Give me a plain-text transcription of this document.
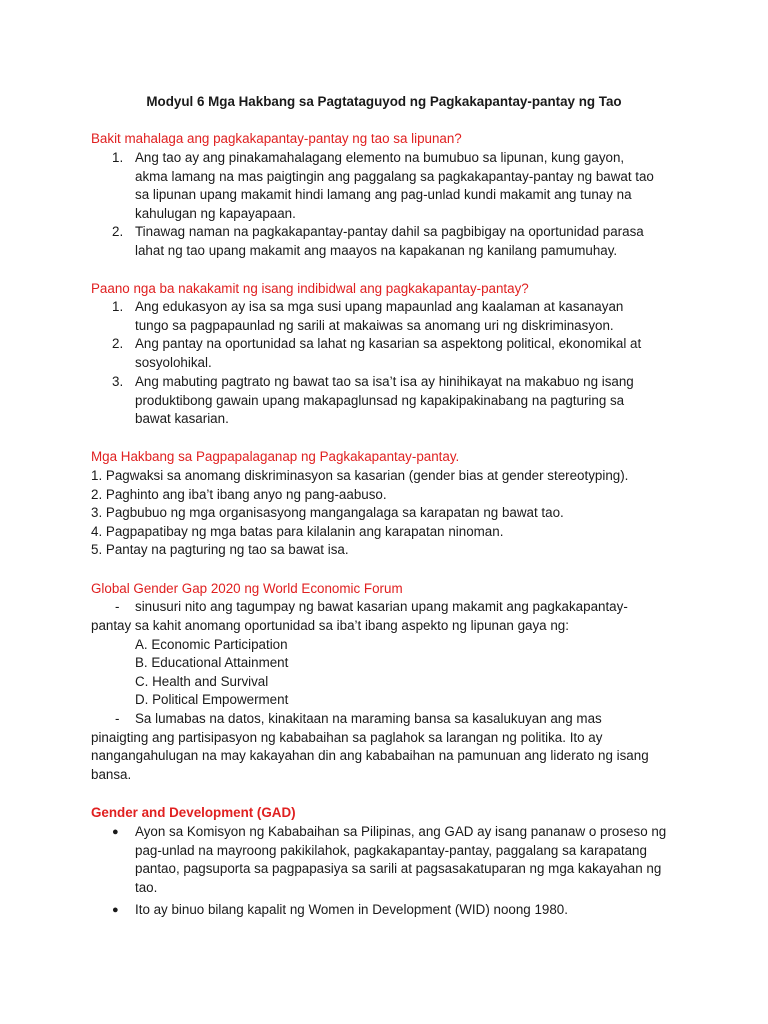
Modyul 6 Mga Hakbang sa Pagtataguyod ng Pagkakapantay-pantay ng Tao
Bakit mahalaga ang pagkakapantay-pantay ng tao sa lipunan?
1. Ang tao ay ang pinakamahalagang elemento na bumubuo sa lipunan, kung gayon, akma lamang na mas paigtingin ang paggalang sa pagkakapantay-pantay ng bawat tao sa lipunan upang makamit hindi lamang ang pag-unlad kundi makamit ang tunay na kahulugan ng kapayapaan.
2. Tinawag naman na pagkakapantay-pantay dahil sa pagbibigay na oportunidad parasa lahat ng tao upang makamit ang maayos na kapakanan ng kanilang pamumuhay.
Paano nga ba nakakamit ng isang indibidwal ang pagkakapantay-pantay?
1. Ang edukasyon ay isa sa mga susi upang mapaunlad ang kaalaman at kasanayan tungo sa pagpapaunlad ng sarili at makaiwas sa anomang uri ng diskriminasyon.
2. Ang pantay na oportunidad sa lahat ng kasarian sa aspektong political, ekonomikal at sosyolohikal.
3. Ang mabuting pagtrato ng bawat tao sa isa’t isa ay hinihikayat na makabuo ng isang produktibong gawain upang makapaglunsad ng kapakipakinabang na pagturing sa bawat kasarian.
Mga Hakbang sa Pagpapalaganap ng Pagkakapantay-pantay.
1. Pagwaksi sa anomang diskriminasyon sa kasarian (gender bias at gender stereotyping).
2. Paghinto ang iba’t ibang anyo ng pang-aabuso.
3. Pagbubuo ng mga organisasyong mangangalaga sa karapatan ng bawat tao.
4. Pagpapatibay ng mga batas para kilalanin ang karapatan ninoman.
5. Pantay na pagturing ng tao sa bawat isa.
Global Gender Gap 2020 ng World Economic Forum
-	sinusuri nito ang tagumpay ng bawat kasarian upang makamit ang pagkakapantay-
pantay sa kahit anomang oportunidad sa iba’t ibang aspekto ng lipunan gaya ng:
A. Economic Participation
B. Educational Attainment
C. Health and Survival
D. Political Empowerment
-	Sa lumabas na datos, kinakitaan na maraming bansa sa kasalukuyan ang mas
pinaigting ang partisipasyon ng kababaihan sa paglahok sa larangan ng politika. Ito ay
nangangahulugan na may kakayahan din ang kababaihan na pamunuan ang liderato ng isang
bansa.
Gender and Development (GAD)
● Ayon sa Komisyon ng Kababaihan sa Pilipinas, ang GAD ay isang pananaw o proseso ng pag-unlad na mayroong pakikilahok, pagkakapantay-pantay, paggalang sa karapatang pantao, pagsuporta sa pagpapasiya sa sarili at pagsasakatuparan ng mga kakayahan ng tao.
● Ito ay binuo bilang kapalit ng Women in Development (WID) noong 1980.
